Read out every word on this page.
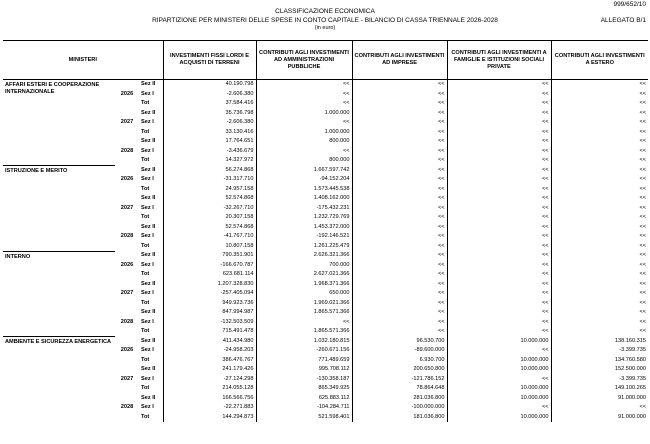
999/652/10
CLASSIFICAZIONE ECONOMICA
RIPARTIZIONE PER MINISTERI DELLE SPESE IN CONTO CAPITALE - BILANCIO DI CASSA TRIENNALE 2026-2028
(in euro)
ALLEGATO B/1
MINISTERI			INVESTIMENTI FISSI LORDI E ACQUISTI DI TERRENI	CONTRIBUTI AGLI INVESTIMENTI AD AMMINISTRAZIONI PUBBLICHE	CONTRIBUTI AGLI INVESTIMENTI AD IMPRESE	CONTRIBUTI AGLI INVESTIMENTI A FAMIGLIE E ISTITUZIONI SOCIALI PRIVATE	CONTRIBUTI AGLI INVESTIMENTI A ESTERO
AFFARI ESTERI E COOPERAZIONE INTERNAZIONALE		Sez II	40.190.798	<<	<<	<<	<<
	2026	Sez I	-2.606.380	<<	<<	<<	<<
		Tot	37.584.416	<<	<<	<<	<<
		Sez II	35.736.798	1.000.000	<<	<<	<<
	2027	Sez I	-2.606.380	<<	<<	<<	<<
		Tot	33.130.416	1.000.000	<<	<<	<<
		Sez II	17.764.651	800.000	<<	<<	<<
	2028	Sez I	-3.436.679	<<	<<	<<	<<
		Tot	14.327.972	800.000	<<	<<	<<
ISTRUZIONE E MERITO		Sez II	56.274.868	1.667.597.742	<<	<<	<<
	2026	Sez I	-31.317.710	-94.152.204	<<	<<	<<
		Tot	24.957.158	1.573.445.538	<<	<<	<<
		Sez II	52.574.868	1.408.162.000	<<	<<	<<
	2027	Sez I	-32.267.710	-175.432.231	<<	<<	<<
		Tot	20.307.158	1.232.729.769	<<	<<	<<
		Sez II	52.574.868	1.453.372.000	<<	<<	<<
	2028	Sez I	-41.767.710	-192.146.521	<<	<<	<<
		Tot	10.807.158	1.261.225.479	<<	<<	<<
INTERNO		Sez II	790.351.901	2.626.321.366	<<	<<	<<
	2026	Sez I	-166.670.787	700.000	<<	<<	<<
		Tot	623.681.114	2.627.021.366	<<	<<	<<
		Sez II	1.207.328.830	1.968.371.366	<<	<<	<<
	2027	Sez I	-257.405.094	650.000	<<	<<	<<
		Tot	949.923.736	1.969.021.366	<<	<<	<<
		Sez II	847.994.987	1.865.571.366	<<	<<	<<
	2028	Sez I	-132.503.509	<<	<<	<<	<<
		Tot	715.491.478	1.865.571.366	<<	<<	<<
AMBIENTE E SICUREZZA ENERGETICA		Sez II	411.434.980	1.032.180.815	96.530.700	10.000.000	138.160.315
	2026	Sez I	-24.958.203	-260.671.156	-89.600.000	<<	-3.399.735
		Tot	386.476.767	771.489.659	6.930.700	10.000.000	134.760.580
		Sez II	241.179.426	995.708.112	200.650.800	10.000.000	152.500.000
	2027	Sez I	-27.124.298	-130.358.187	-121.786.152	<<	-3.399.735
		Tot	214.055.128	865.349.925	78.864.648	10.000.000	149.100.265
		Sez II	166.566.756	625.883.112	281.036.800	10.000.000	91.000.000
	2028	Sez I	-22.271.883	-104.284.711	-100.000.000	<<	<<
		Tot	144.294.873	521.598.401	181.036.800	10.000.000	91.000.000
